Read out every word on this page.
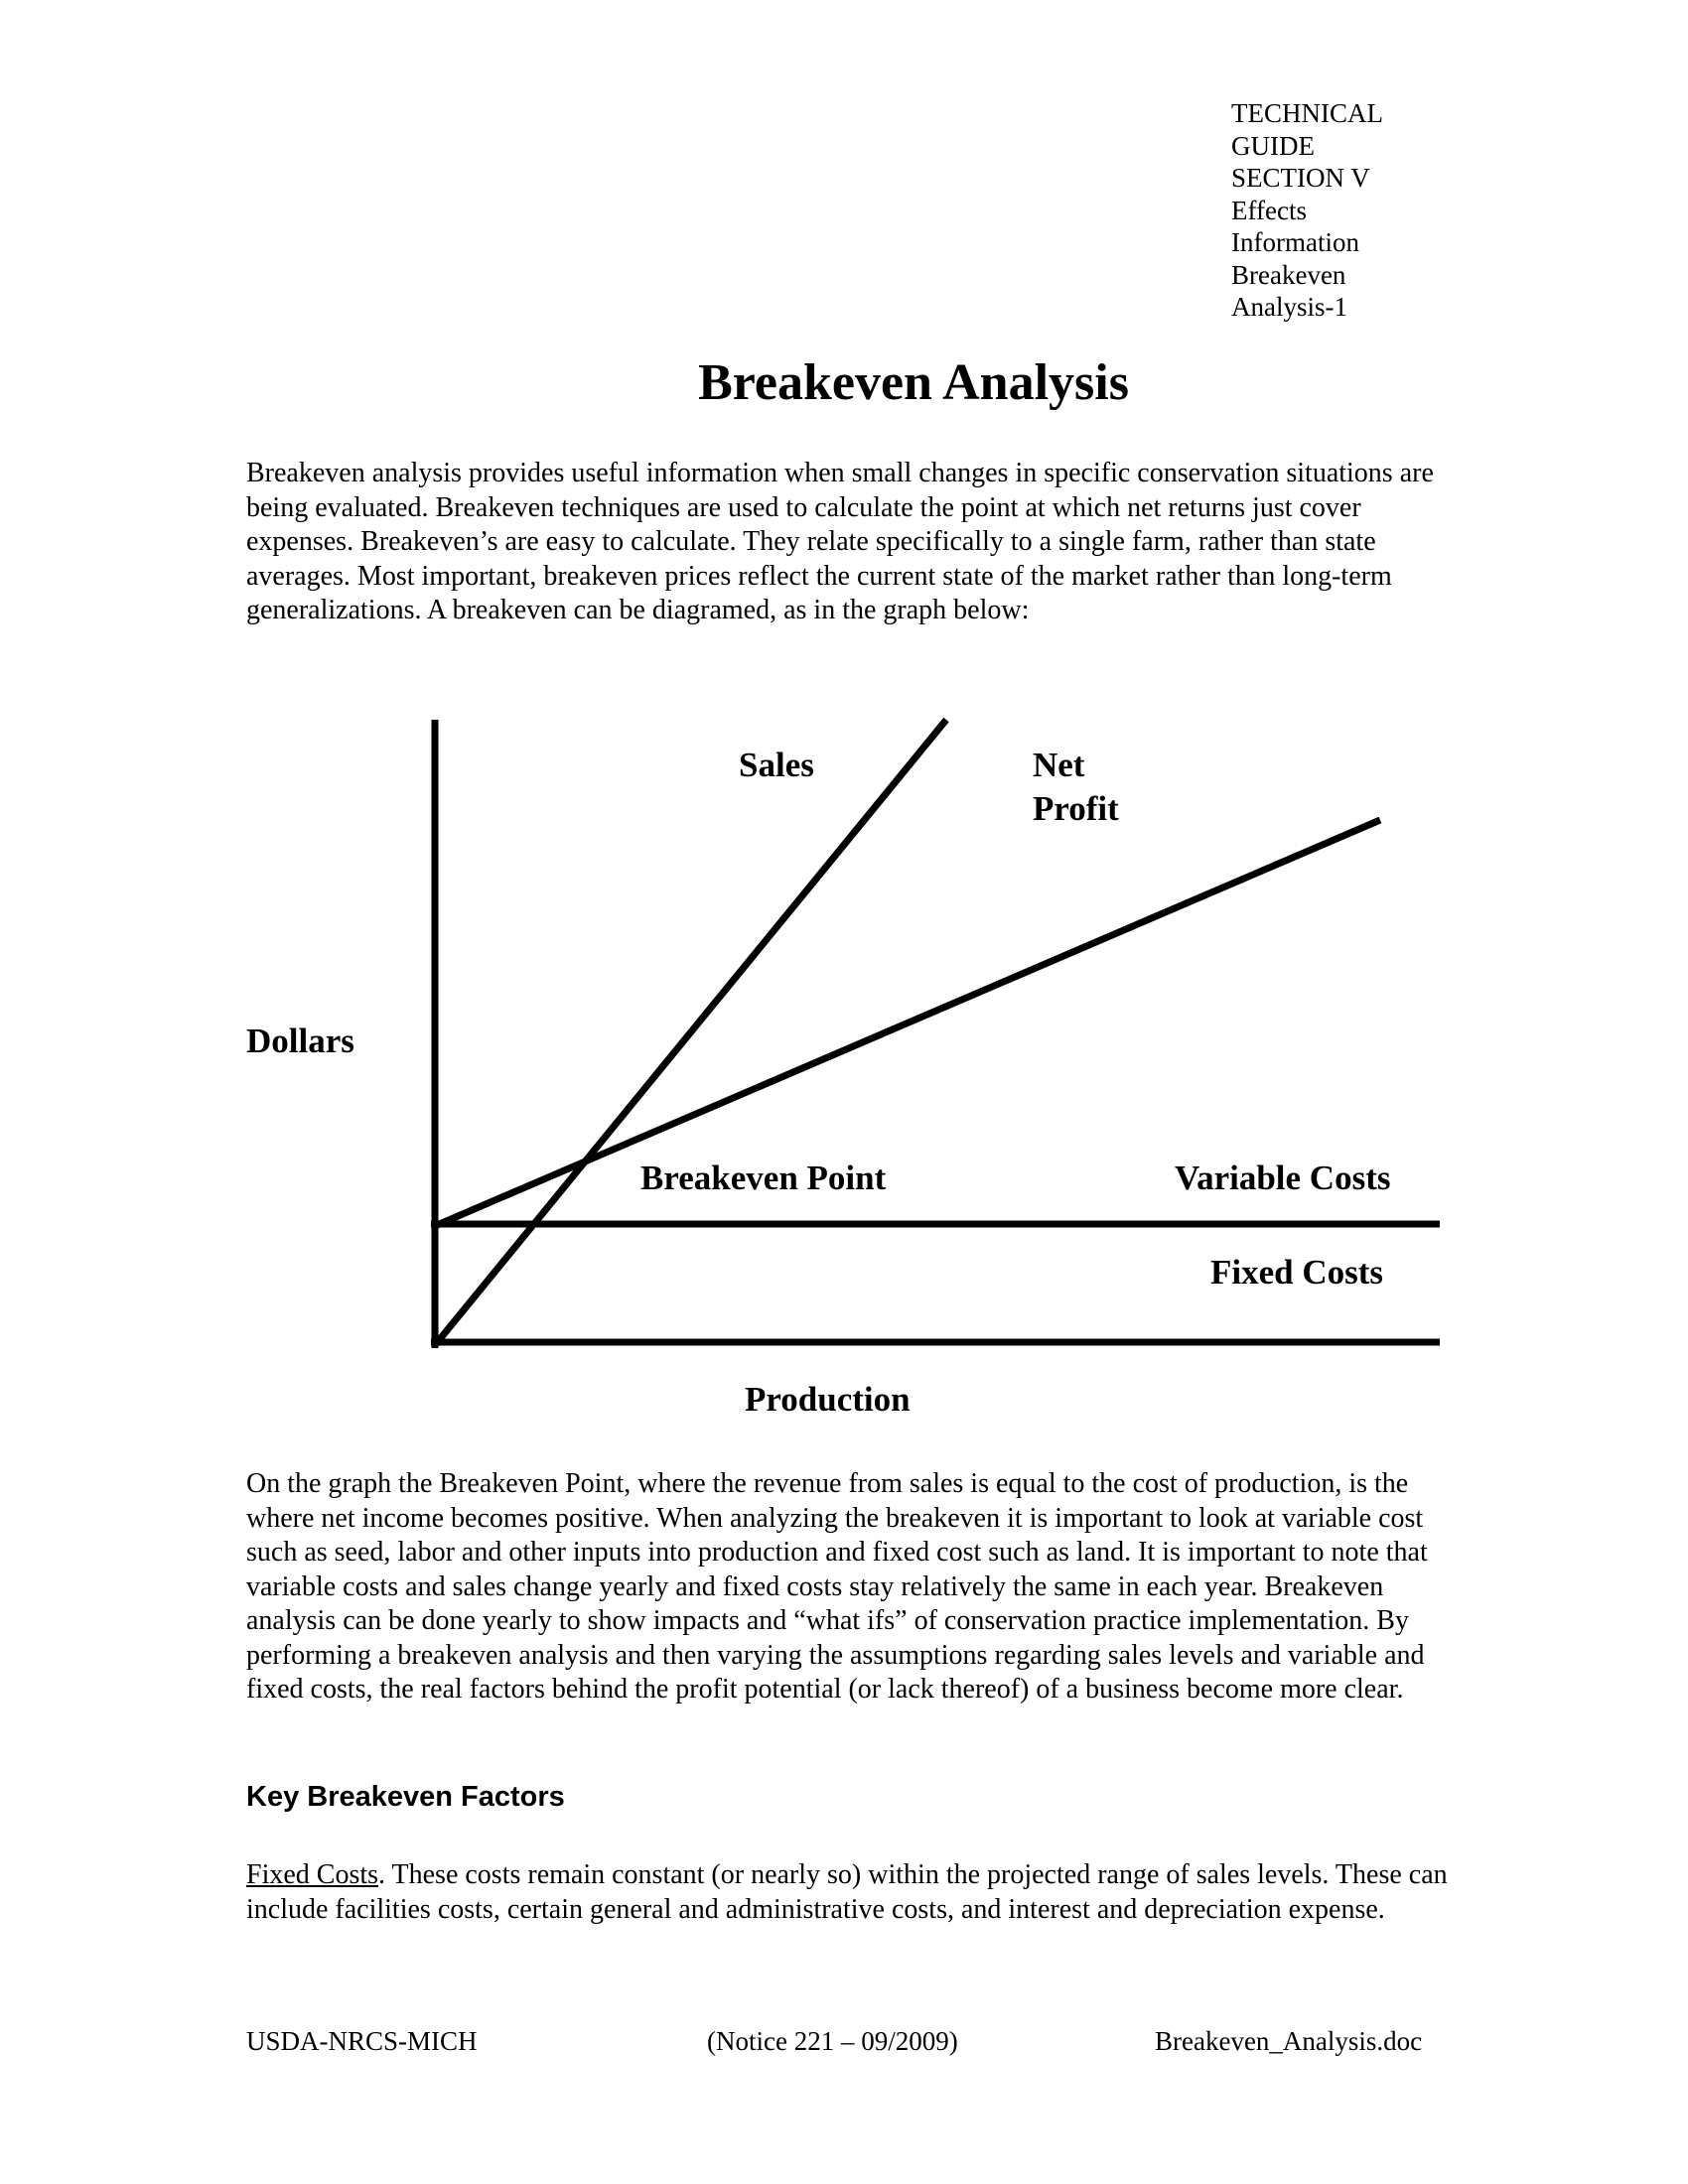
TECHNICAL
GUIDE
SECTION V
Effects
Information
Breakeven
Analysis-1
Breakeven Analysis

Breakeven analysis provides useful information when small changes in specific conservation situations are being evaluated. Breakeven techniques are used to calculate the point at which net returns just cover expenses. Breakeven’s are easy to calculate. They relate specifically to a single farm, rather than state averages. Most important, breakeven prices reflect the current state of the market rather than long-term generalizations. A breakeven can be diagramed, as in the graph below:

Sales	Net
Profit
Dollars
Breakeven Point	Variable Costs
Fixed Costs
Production

On the graph the Breakeven Point, where the revenue from sales is equal to the cost of production, is the where net income becomes positive. When analyzing the breakeven it is important to look at variable cost such as seed, labor and other inputs into production and fixed cost such as land. It is important to note that variable costs and sales change yearly and fixed costs stay relatively the same in each year. Breakeven analysis can be done yearly to show impacts and “what ifs” of conservation practice implementation. By performing a breakeven analysis and then varying the assumptions regarding sales levels and variable and fixed costs, the real factors behind the profit potential (or lack thereof) of a business become more clear.

Key Breakeven Factors

Fixed Costs. These costs remain constant (or nearly so) within the projected range of sales levels. These can include facilities costs, certain general and administrative costs, and interest and depreciation expense.

USDA-NRCS-MICH	(Notice 221 – 09/2009)	Breakeven_Analysis.doc
